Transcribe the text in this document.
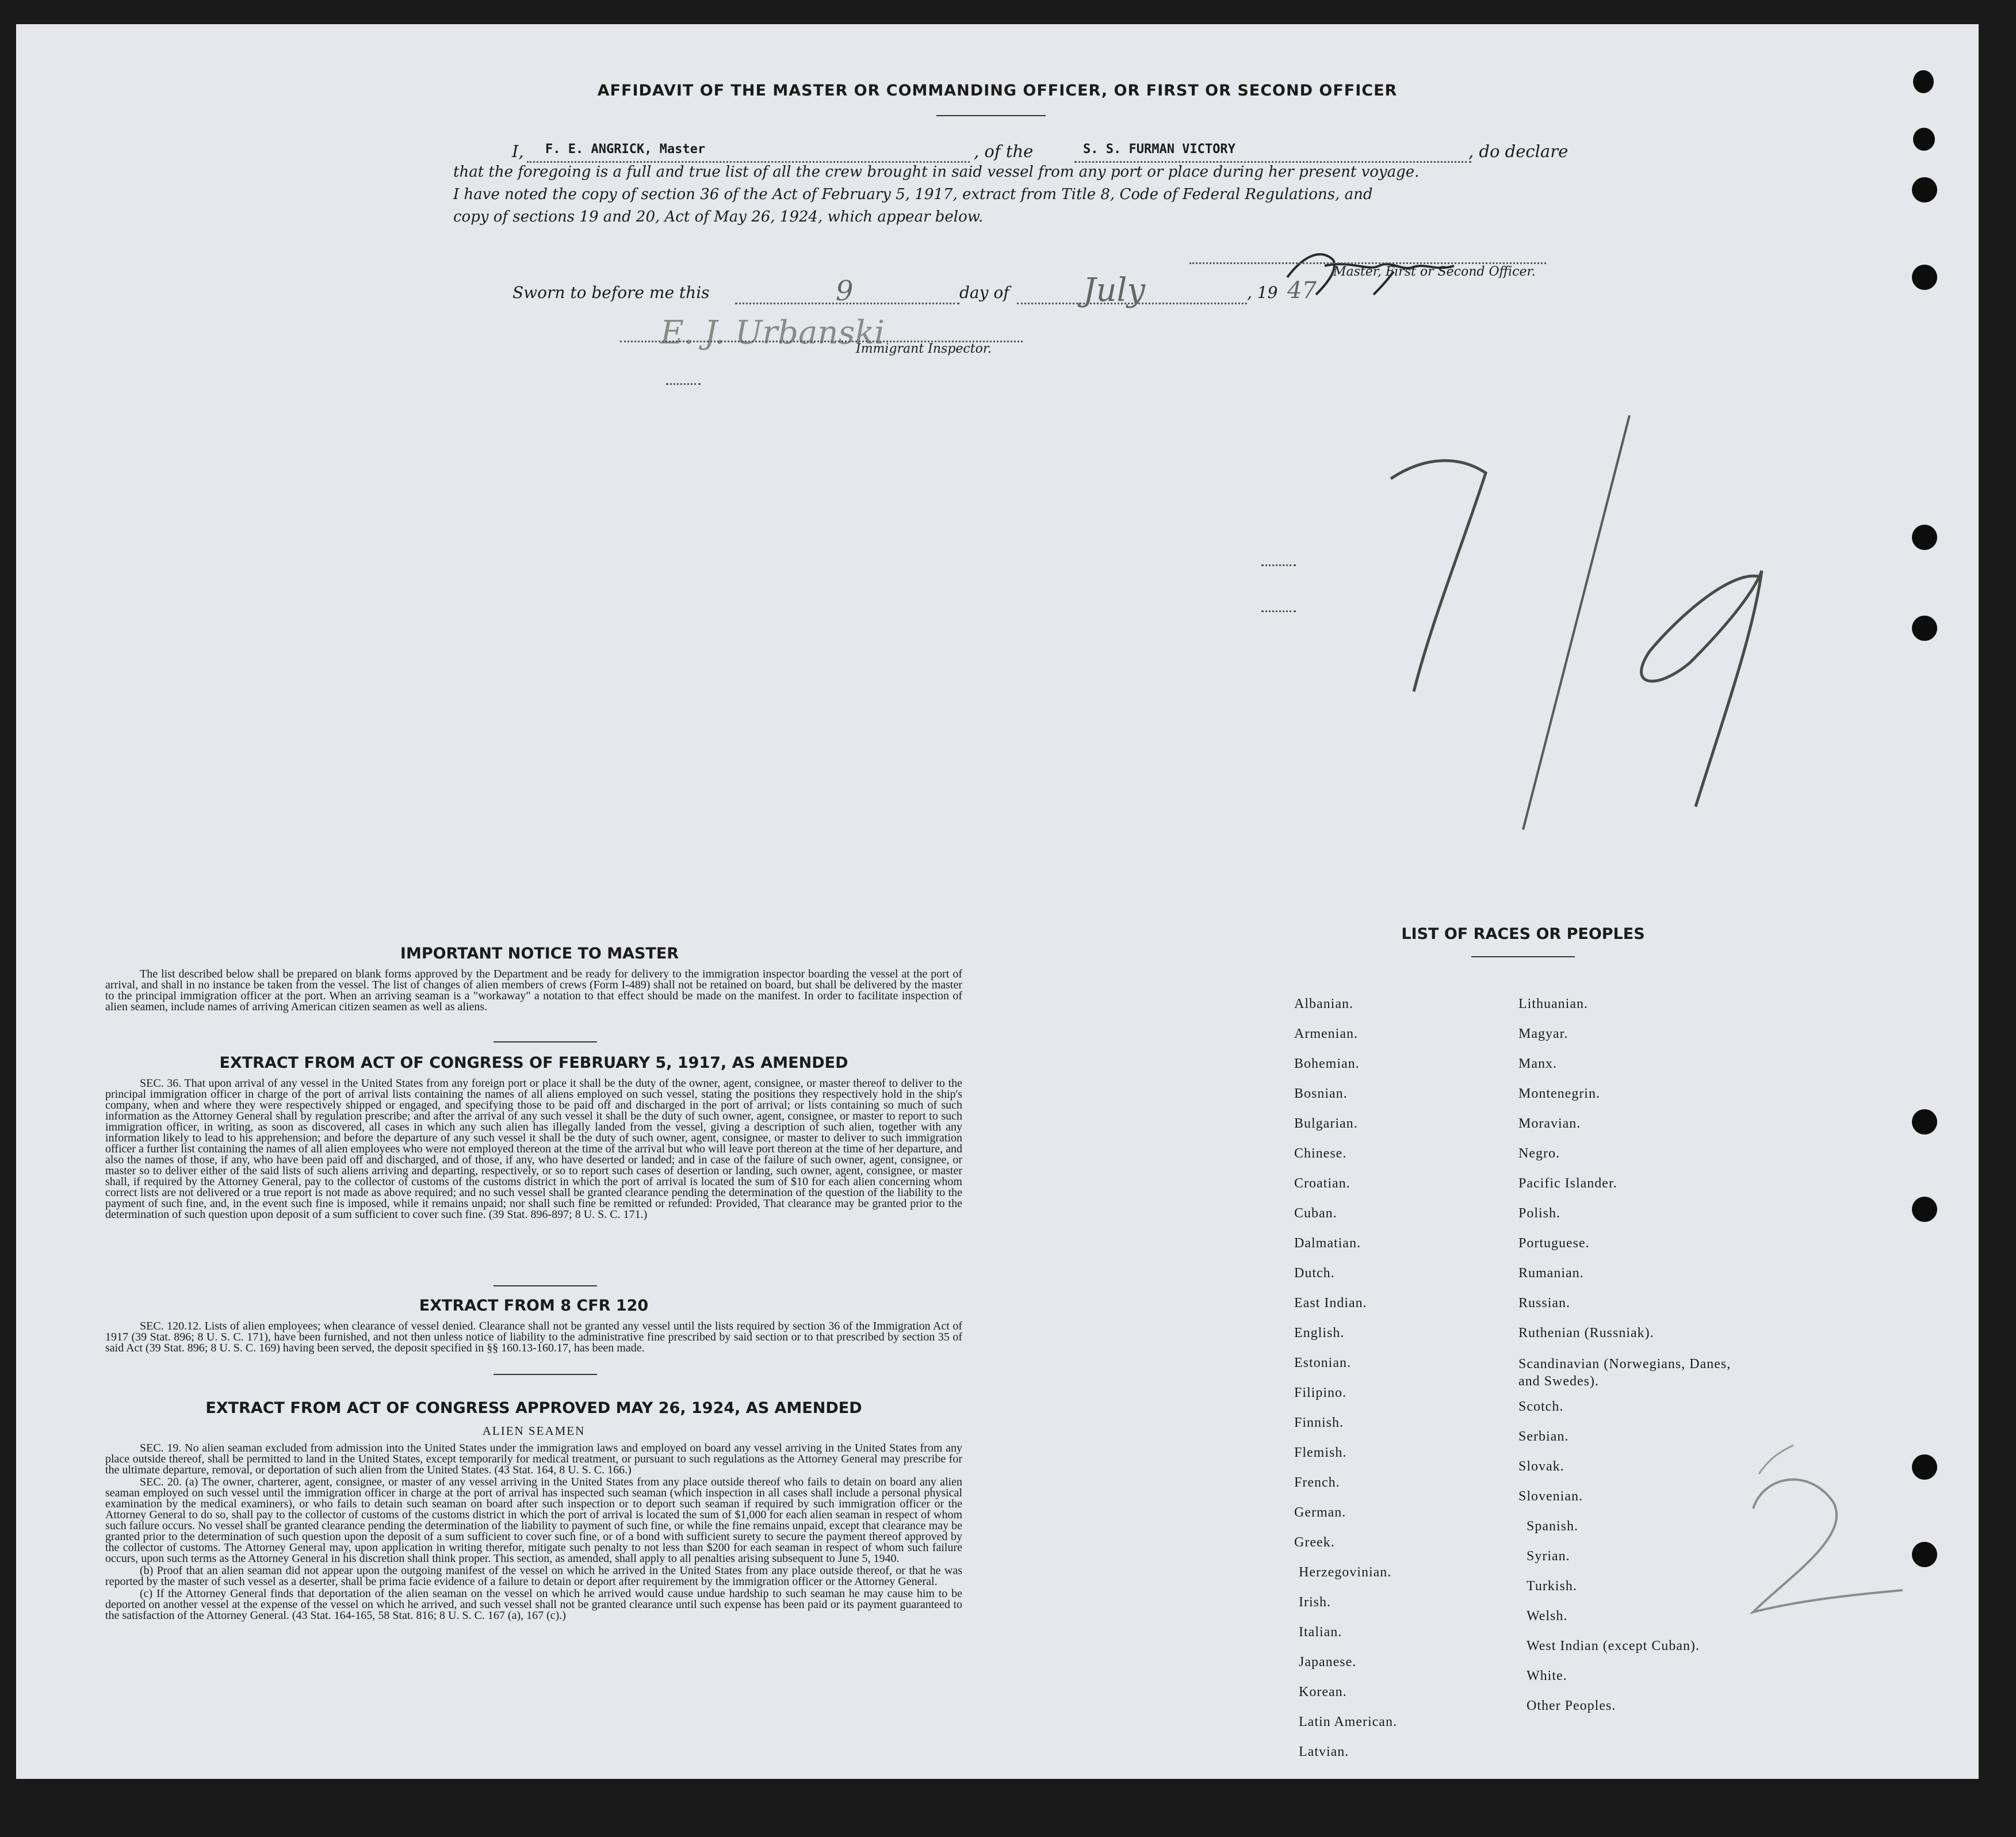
AFFIDAVIT OF THE MASTER OR COMMANDING OFFICER, OR FIRST OR SECOND OFFICER
I, F. E. ANGRICK, Master	, of the	S. S. FURMAN VICTORY	, do declare
that the foregoing is a full and true list of all the crew brought in said vessel from any port or place during her present voyage.
I have noted the copy of section 36 of the Act of February 5, 1917, extract from Title 8, Code of Federal Regulations, and
copy of sections 19 and 20, Act of May 26, 1924, which appear below.
Master, First or Second Officer.
Sworn to before me this	9	day of July	, 19 47
E. J. Urbanski
Immigrant Inspector.
IMPORTANT NOTICE TO MASTER

The list described below shall be prepared on blank forms approved by the Department and be ready for delivery to the immigration inspector boarding the vessel at the port of arrival, and shall in no instance be taken from the vessel. The list of changes of alien members of crews (Form I-489) shall not be retained on board, but shall be delivered by the master to the principal immigration officer at the port. When an arriving seaman is a "workaway" a notation to that effect should be made on the manifest. In order to facilitate inspection of alien seamen, include names of arriving American citizen seamen as well as aliens.

EXTRACT FROM ACT OF CONGRESS OF FEBRUARY 5, 1917, AS AMENDED

SEC. 36. That upon arrival of any vessel in the United States from any foreign port or place it shall be the duty of the owner, agent, consignee, or master thereof to deliver to the principal immigration officer in charge of the port of arrival lists containing the names of all aliens employed on such vessel, stating the positions they respectively hold in the ship's company, when and where they were respectively shipped or engaged, and specifying those to be paid off and discharged in the port of arrival; or lists containing so much of such information as the Attorney General shall by regulation prescribe; and after the arrival of any such vessel it shall be the duty of such owner, agent, consignee, or master to report to such immigration officer, in writing, as soon as discovered, all cases in which any such alien has illegally landed from the vessel, giving a description of such alien, together with any information likely to lead to his apprehension; and before the departure of any such vessel it shall be the duty of such owner, agent, consignee, or master to deliver to such immigration officer a further list containing the names of all alien employees who were not employed thereon at the time of the arrival but who will leave port thereon at the time of her departure, and also the names of those, if any, who have been paid off and discharged, and of those, if any, who have deserted or landed; and in case of the failure of such owner, agent, consignee, or master so to deliver either of the said lists of such aliens arriving and departing, respectively, or so to report such cases of desertion or landing, such owner, agent, consignee, or master shall, if required by the Attorney General, pay to the collector of customs of the customs district in which the port of arrival is located the sum of $10 for each alien concerning whom correct lists are not delivered or a true report is not made as above required; and no such vessel shall be granted clearance pending the determination of the question of the liability to the payment of such fine, and, in the event such fine is imposed, while it remains unpaid; nor shall such fine be remitted or refunded: Provided, That clearance may be granted prior to the determination of such question upon deposit of a sum sufficient to cover such fine. (39 Stat. 896-897; 8 U. S. C. 171.)

EXTRACT FROM 8 CFR 120

SEC. 120.12. Lists of alien employees; when clearance of vessel denied. Clearance shall not be granted any vessel until the lists required by section 36 of the Immigration Act of 1917 (39 Stat. 896; 8 U. S. C. 171), have been furnished, and not then unless notice of liability to the administrative fine prescribed by said section or to that prescribed by section 35 of said Act (39 Stat. 896; 8 U. S. C. 169) having been served, the deposit specified in §§ 160.13-160.17, has been made.

EXTRACT FROM ACT OF CONGRESS APPROVED MAY 26, 1924, AS AMENDED
ALIEN SEAMEN

SEC. 19. No alien seaman excluded from admission into the United States under the immigration laws and employed on board any vessel arriving in the United States from any place outside thereof, shall be permitted to land in the United States, except temporarily for medical treatment, or pursuant to such regulations as the Attorney General may prescribe for the ultimate departure, removal, or deportation of such alien from the United States. (43 Stat. 164, 8 U. S. C. 166.)

SEC. 20. (a) The owner, charterer, agent, consignee, or master of any vessel arriving in the United States from any place outside thereof who fails to detain on board any alien seaman employed on such vessel until the immigration officer in charge at the port of arrival has inspected such seaman (which inspection in all cases shall include a personal physical examination by the medical examiners), or who fails to detain such seaman on board after such inspection or to deport such seaman if required by such immigration officer or the Attorney General to do so, shall pay to the collector of customs of the customs district in which the port of arrival is located the sum of $1,000 for each alien seaman in respect of whom such failure occurs. No vessel shall be granted clearance pending the determination of the liability to payment of such fine, or while the fine remains unpaid, except that clearance may be granted prior to the determination of such question upon the deposit of a sum sufficient to cover such fine, or of a bond with sufficient surety to secure the payment thereof approved by the collector of customs. The Attorney General may, upon application in writing therefor, mitigate such penalty to not less than $200 for each seaman in respect of whom such failure occurs, upon such terms as the Attorney General in his discretion shall think proper. This section, as amended, shall apply to all penalties arising subsequent to June 5, 1940.

(b) Proof that an alien seaman did not appear upon the outgoing manifest of the vessel on which he arrived in the United States from any place outside thereof, or that he was reported by the master of such vessel as a deserter, shall be prima facie evidence of a failure to detain or deport after requirement by the immigration officer or the Attorney General.

(c) If the Attorney General finds that deportation of the alien seaman on the vessel on which he arrived would cause undue hardship to such seaman he may cause him to be deported on another vessel at the expense of the vessel on which he arrived, and such vessel shall not be granted clearance until such expense has been paid or its payment guaranteed to the satisfaction of the Attorney General. (43 Stat. 164-165, 58 Stat. 816; 8 U. S. C. 167 (a), 167 (c).)

LIST OF RACES OR PEOPLES
Albanian.
Armenian.
Bohemian.
Bosnian.
Bulgarian.
Chinese.
Croatian.
Cuban.
Dalmatian.
Dutch.
East Indian.
English.
Estonian.
Filipino.
Finnish.
Flemish.
French.
German.
Greek.
Herzegovinian.
Irish.
Italian.
Japanese.
Korean.
Latin American.
Latvian.
Lithuanian.
Magyar.
Manx.
Montenegrin.
Moravian.
Negro.
Pacific Islander.
Polish.
Portuguese.
Rumanian.
Russian.
Ruthenian (Russniak).
Scandinavian (Norwegians, Danes, and Swedes).
Scotch.
Serbian.
Slovak.
Slovenian.
Spanish.
Syrian.
Turkish.
Welsh.
West Indian (except Cuban).
White.
Other Peoples.
